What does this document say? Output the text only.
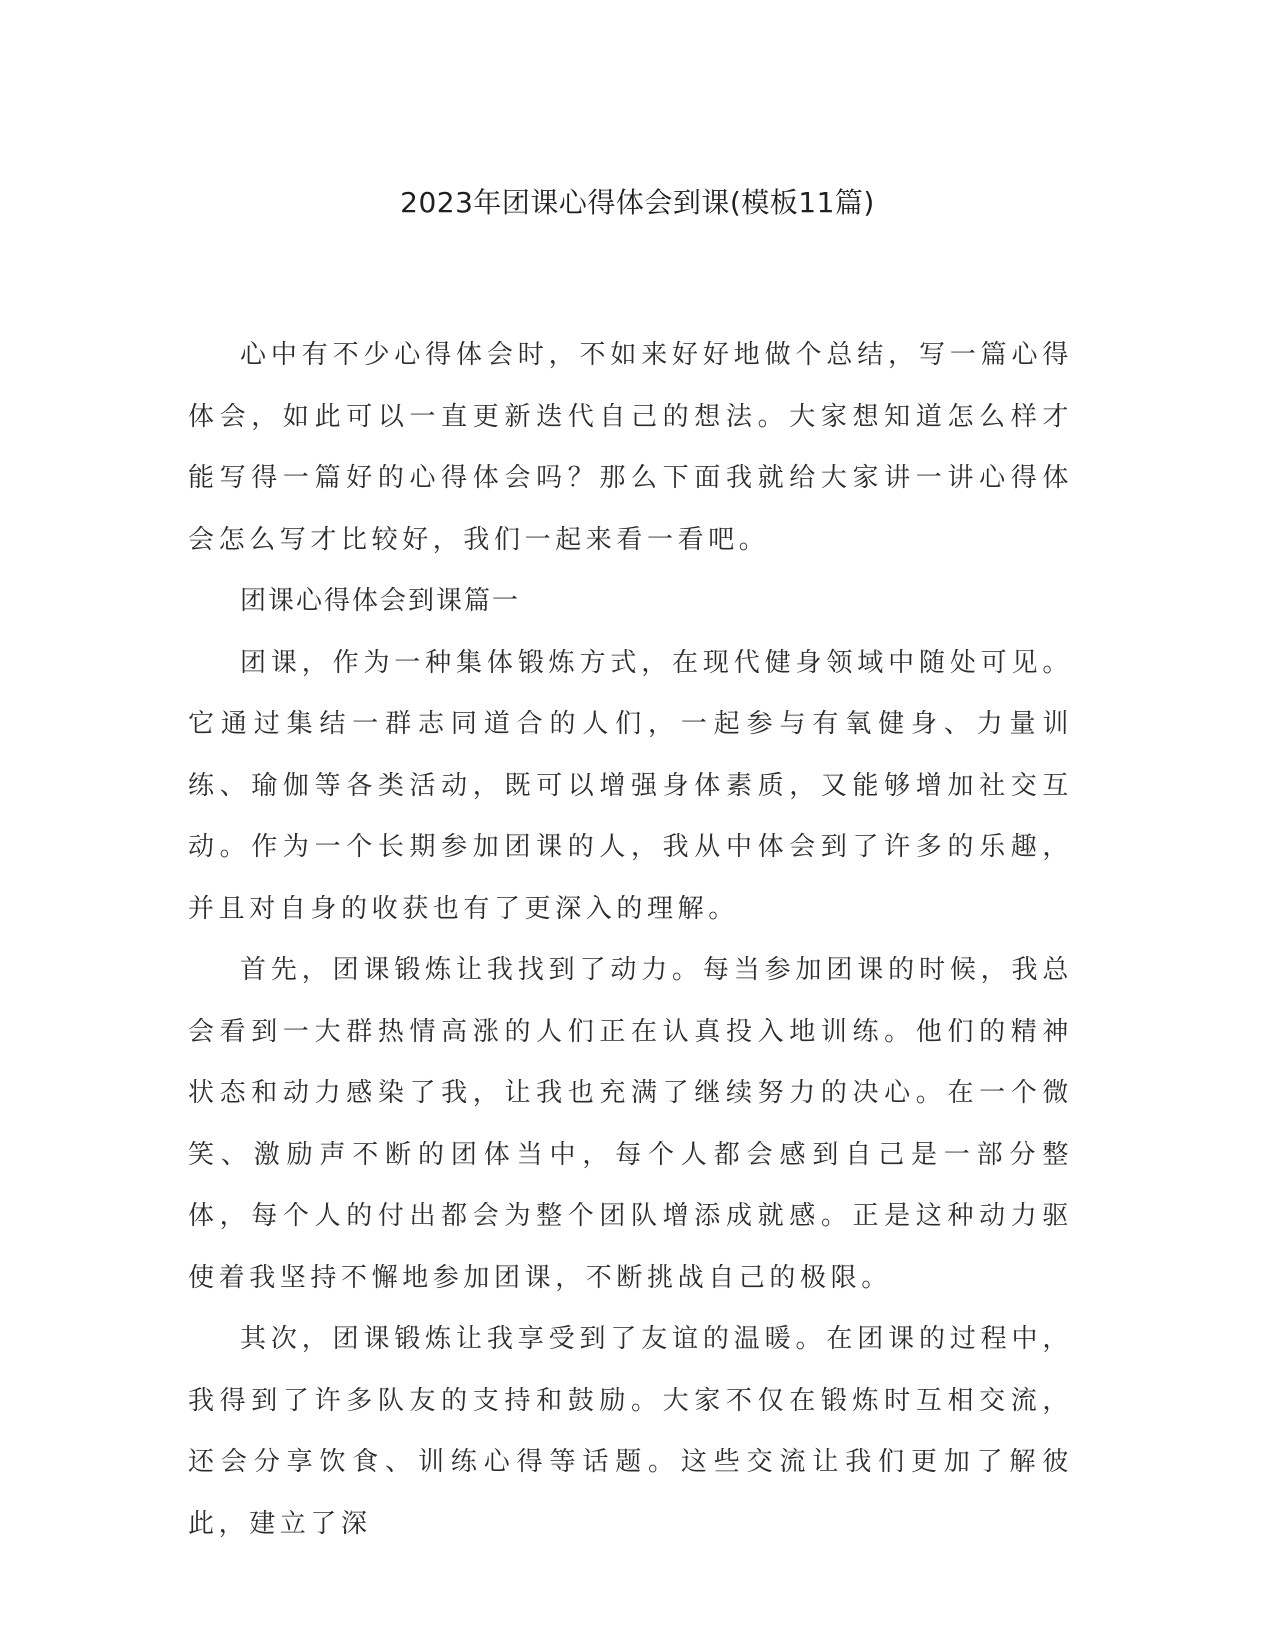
2023年团课心得体会到课(模板11篇)

心中有不少心得体会时，不如来好好地做个总结，写一篇心得体会，如此可以一直更新迭代自己的想法。大家想知道怎么样才能写得一篇好的心得体会吗？那么下面我就给大家讲一讲心得体会怎么写才比较好，我们一起来看一看吧。

团课心得体会到课篇一

团课，作为一种集体锻炼方式，在现代健身领域中随处可见。它通过集结一群志同道合的人们，一起参与有氧健身、力量训练、瑜伽等各类活动，既可以增强身体素质，又能够增加社交互动。作为一个长期参加团课的人，我从中体会到了许多的乐趣，并且对自身的收获也有了更深入的理解。

首先，团课锻炼让我找到了动力。每当参加团课的时候，我总会看到一大群热情高涨的人们正在认真投入地训练。他们的精神状态和动力感染了我，让我也充满了继续努力的决心。在一个微笑、激励声不断的团体当中，每个人都会感到自己是一部分整体，每个人的付出都会为整个团队增添成就感。正是这种动力驱使着我坚持不懈地参加团课，不断挑战自己的极限。

其次，团课锻炼让我享受到了友谊的温暖。在团课的过程中，我得到了许多队友的支持和鼓励。大家不仅在锻炼时互相交流，还会分享饮食、训练心得等话题。这些交流让我们更加了解彼此，建立了深
